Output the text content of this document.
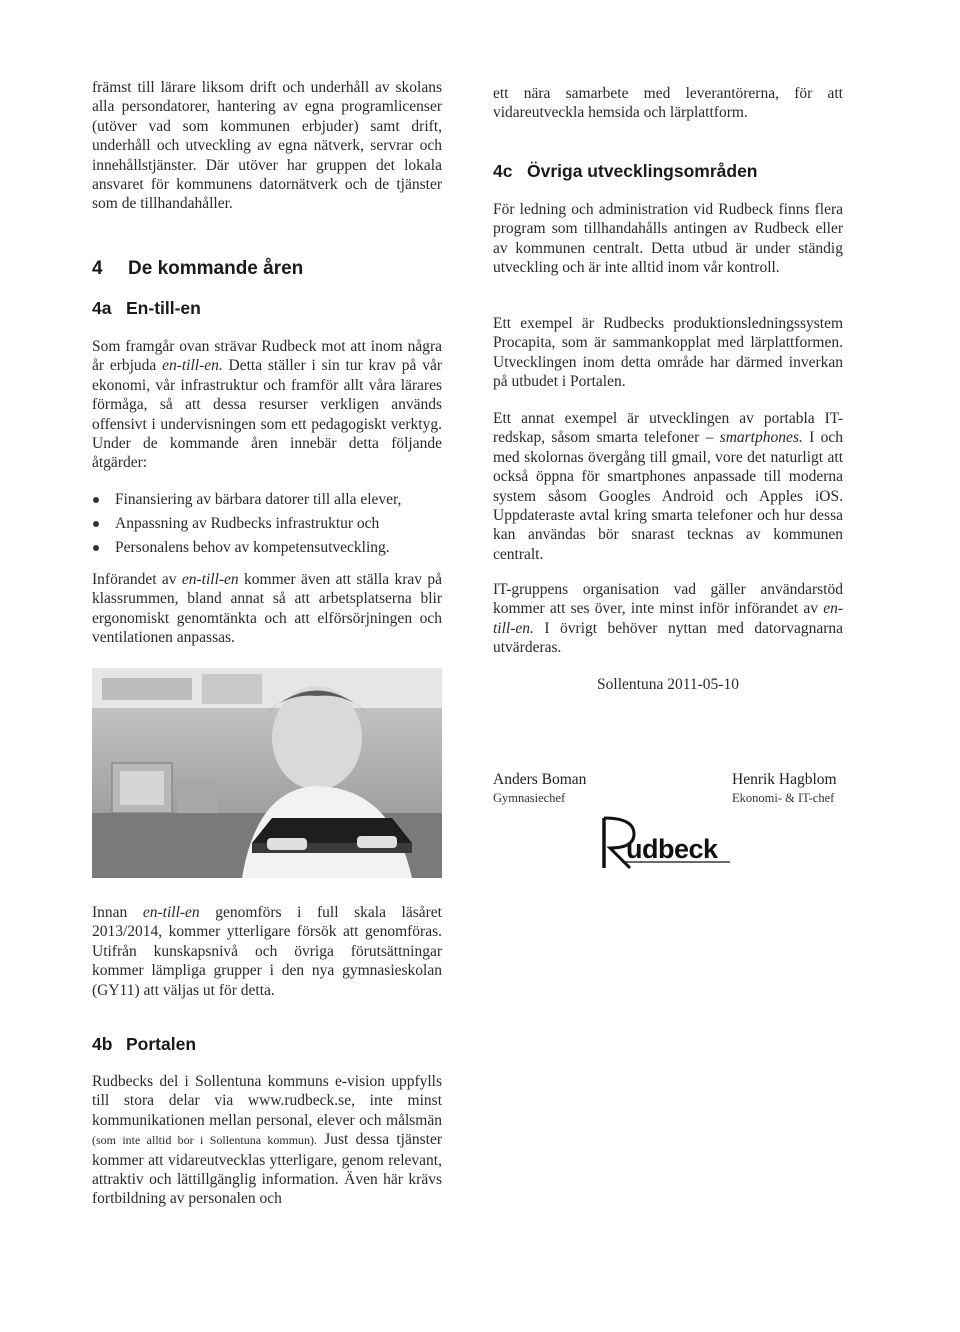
främst till lärare liksom drift och underhåll av skolans alla persondatorer, hantering av egna programlicenser (utöver vad som kommunen erbjuder) samt drift, underhåll och utveckling av egna nätverk, servrar och innehållstjänster. Där utöver har gruppen det lokala ansvaret för kommunens datornätverk och de tjänster som de tillhandahåller.

4 De kommande åren
4a En-till-en

Som framgår ovan strävar Rudbeck mot att inom några år erbjuda en-till-en. Detta ställer i sin tur krav på vår ekonomi, vår infrastruktur och framför allt våra lärares förmåga, så att dessa resurser verkligen används offensivt i undervisningen som ett pedagogiskt verktyg. Under de kommande åren innebär detta följande åtgärder:

Finansiering av bärbara datorer till alla elever,
Anpassning av Rudbecks infrastruktur och
Personalens behov av kompetensutveckling.

Införandet av en-till-en kommer även att ställa krav på klassrummen, bland annat så att arbetsplatserna blir ergonomiskt genomtänkta och att elförsörjningen och ventilationen anpassas.

Innan en-till-en genomförs i full skala läsåret 2013/2014, kommer ytterligare försök att genomföras. Utifrån kunskapsnivå och övriga förutsättningar kommer lämpliga grupper i den nya gymnasieskolan (GY11) att väljas ut för detta.

4b Portalen

Rudbecks del i Sollentuna kommuns e-vision uppfylls till stora delar via www.rudbeck.se, inte minst kommunikationen mellan personal, elever och målsmän (som inte alltid bor i Sollentuna kommun). Just dessa tjänster kommer att vidareutvecklas ytterligare, genom relevant, attraktiv och lättillgänglig information. Även här krävs fortbildning av personalen och

ett nära samarbete med leverantörerna, för att vidareutveckla hemsida och lärplattform.

4c Övriga utvecklingsområden

För ledning och administration vid Rudbeck finns flera program som tillhandahålls antingen av Rudbeck eller av kommunen centralt. Detta utbud är under ständig utveckling och är inte alltid inom vår kontroll.

Ett exempel är Rudbecks produktionsledningssystem Procapita, som är sammankopplat med lärplattformen. Utvecklingen inom detta område har därmed inverkan på utbudet i Portalen.

Ett annat exempel är utvecklingen av portabla IT-redskap, såsom smarta telefoner – smartphones. I och med skolornas övergång till gmail, vore det naturligt att också öppna för smartphones anpassade till moderna system såsom Googles Android och Apples iOS. Uppdateraste avtal kring smarta telefoner och hur dessa kan användas bör snarast tecknas av kommunen centralt.

IT-gruppens organisation vad gäller användarstöd kommer att ses över, inte minst inför införandet av en-till-en. I övrigt behöver nyttan med datorvagnarna utvärderas.

Sollentuna 2011-05-10
Anders Boman
Gymnasiechef
Henrik Hagblom
Ekonomi- & IT-chef
udbeck
